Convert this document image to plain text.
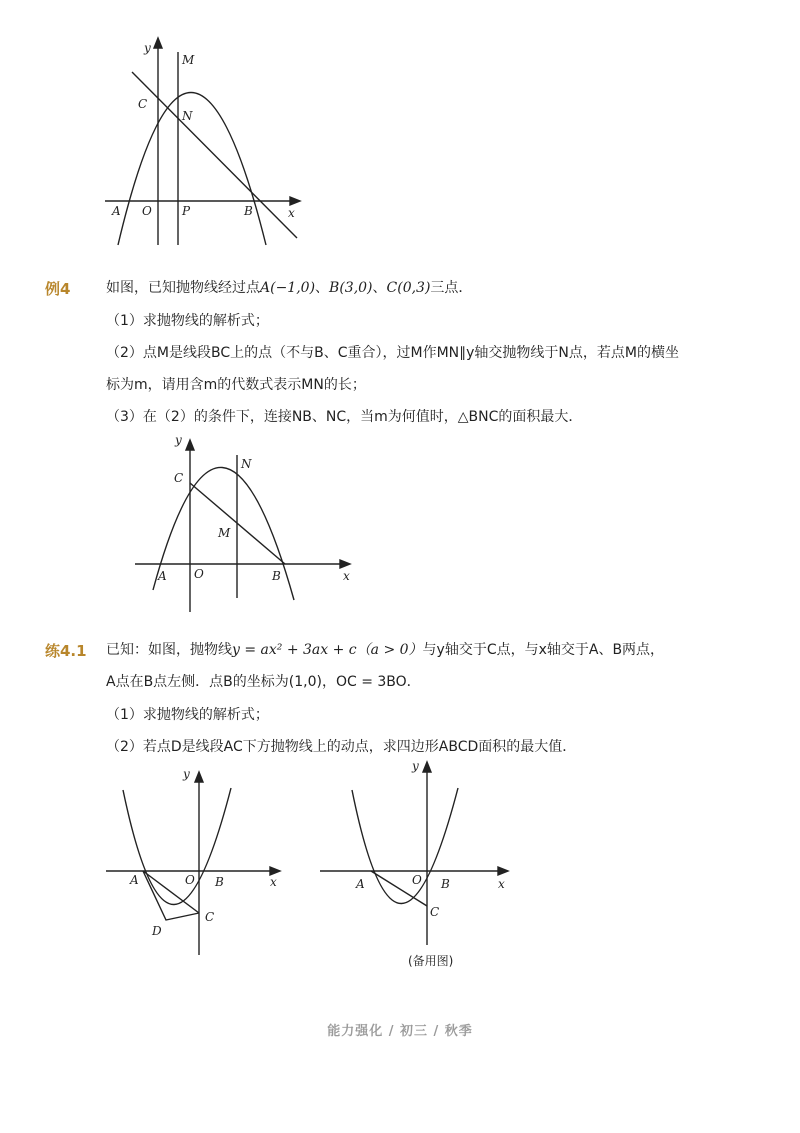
y
M
C
N
A O	P	B	x
例4	如图，已知抛物线经过点A(−1,0)、B(3,0)、C(0,3)三点．
（1）求抛物线的解析式；
（2）点M是线段BC上的点（不与B、C重合），过M作MN∥y轴交抛物线于N点，若点M的横坐
标为m，请用含m的代数式表示MN的长；
（3）在（2）的条件下，连接NB、NC，当m为何值时，△BNC的面积最大．
y
C
N
M
A O	B	x
练4.1 已知：如图，抛物线y = ax² + 3ax + c（a > 0）与y轴交于C点，与x轴交于A、B两点，
A点在B点左侧．点B的坐标为(1,0)，OC = 3BO．
（1）求抛物线的解析式；
（2）若点D是线段AC下方抛物线上的动点，求四边形ABCD面积的最大值．
y
A	O B	x
C
D
y
A	O B	x
C
(备用图)
能力强化 / 初三 / 秋季
